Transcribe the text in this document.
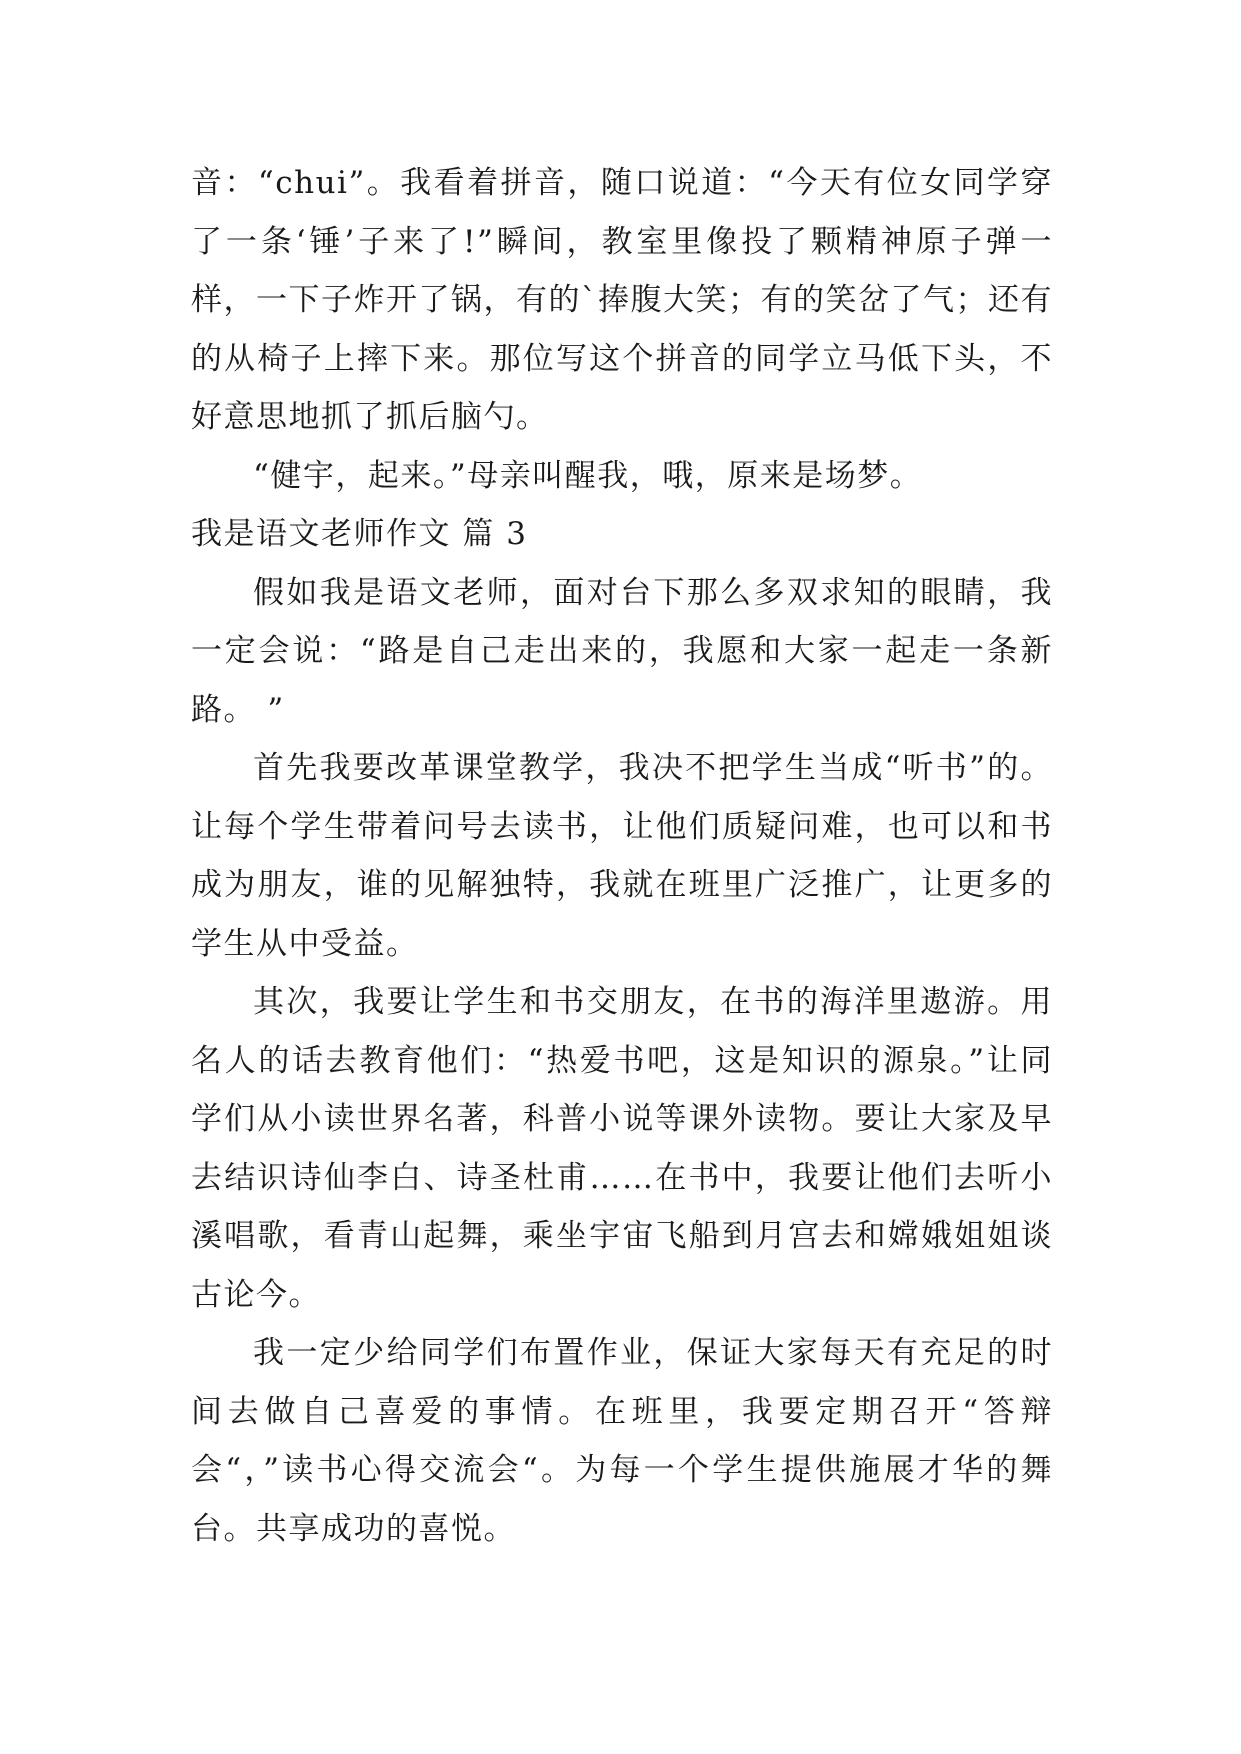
音：“chui”。我看着拼音，随口说道：“今天有位女同学穿了一条‘锤’子来了!”瞬间，教室里像投了颗精神原子弹一样，一下子炸开了锅，有的`捧腹大笑；有的笑岔了气；还有的从椅子上摔下来。那位写这个拼音的同学立马低下头，不好意思地抓了抓后脑勺。

“健宇，起来。”母亲叫醒我，哦，原来是场梦。

我是语文老师作文 篇 3

假如我是语文老师，面对台下那么多双求知的眼睛，我一定会说：“路是自己走出来的，我愿和大家一起走一条新路。 ”

首先我要改革课堂教学，我决不把学生当成“听书”的。让每个学生带着问号去读书，让他们质疑问难，也可以和书成为朋友，谁的见解独特，我就在班里广泛推广，让更多的学生从中受益。

其次，我要让学生和书交朋友，在书的海洋里遨游。用名人的话去教育他们：“热爱书吧，这是知识的源泉。”让同学们从小读世界名著，科普小说等课外读物。要让大家及早去结识诗仙李白、诗圣杜甫……在书中，我要让他们去听小溪唱歌，看青山起舞，乘坐宇宙飞船到月宫去和嫦娥姐姐谈古论今。

我一定少给同学们布置作业，保证大家每天有充足的时间去做自己喜爱的事情。在班里，我要定期召开“答辩会“，”读书心得交流会“。为每一个学生提供施展才华的舞台。共享成功的喜悦。
